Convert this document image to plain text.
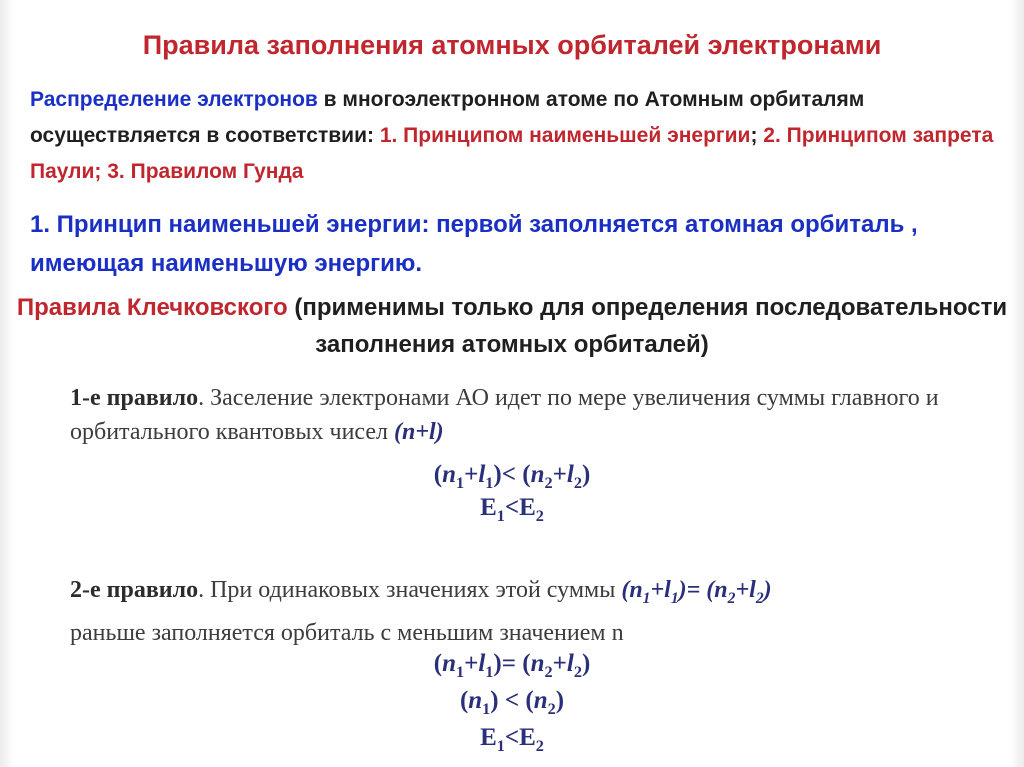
Правила заполнения атомных орбиталей электронами
Распределение электронов в многоэлектронном атоме по Атомным орбиталям осуществляется в соответствии: 1. Принципом наименьшей энергии; 2. Принципом запрета Паули; 3. Правилом Гунда
1. Принцип наименьшей энергии: первой заполняется атомная орбиталь , имеющая наименьшую энергию.
Правила Клечковского (применимы только для определения последовательности заполнения атомных орбиталей)
1-е правило. Заселение электронами АО идет по мере увеличения суммы главного и орбитального квантовых чисел (n+l)
$(n_1+l_1)< (n_2+l_2)$
$E_1<E_2$
2-е правило. При одинаковых значениях этой суммы $(n_1+l_1)= (n_2+l_2)$
раньше заполняется орбиталь с меньшим значением n
$(n_1+l_1)= (n_2+l_2)$
$(n_1) < (n_2)$
$E_1<E_2$
